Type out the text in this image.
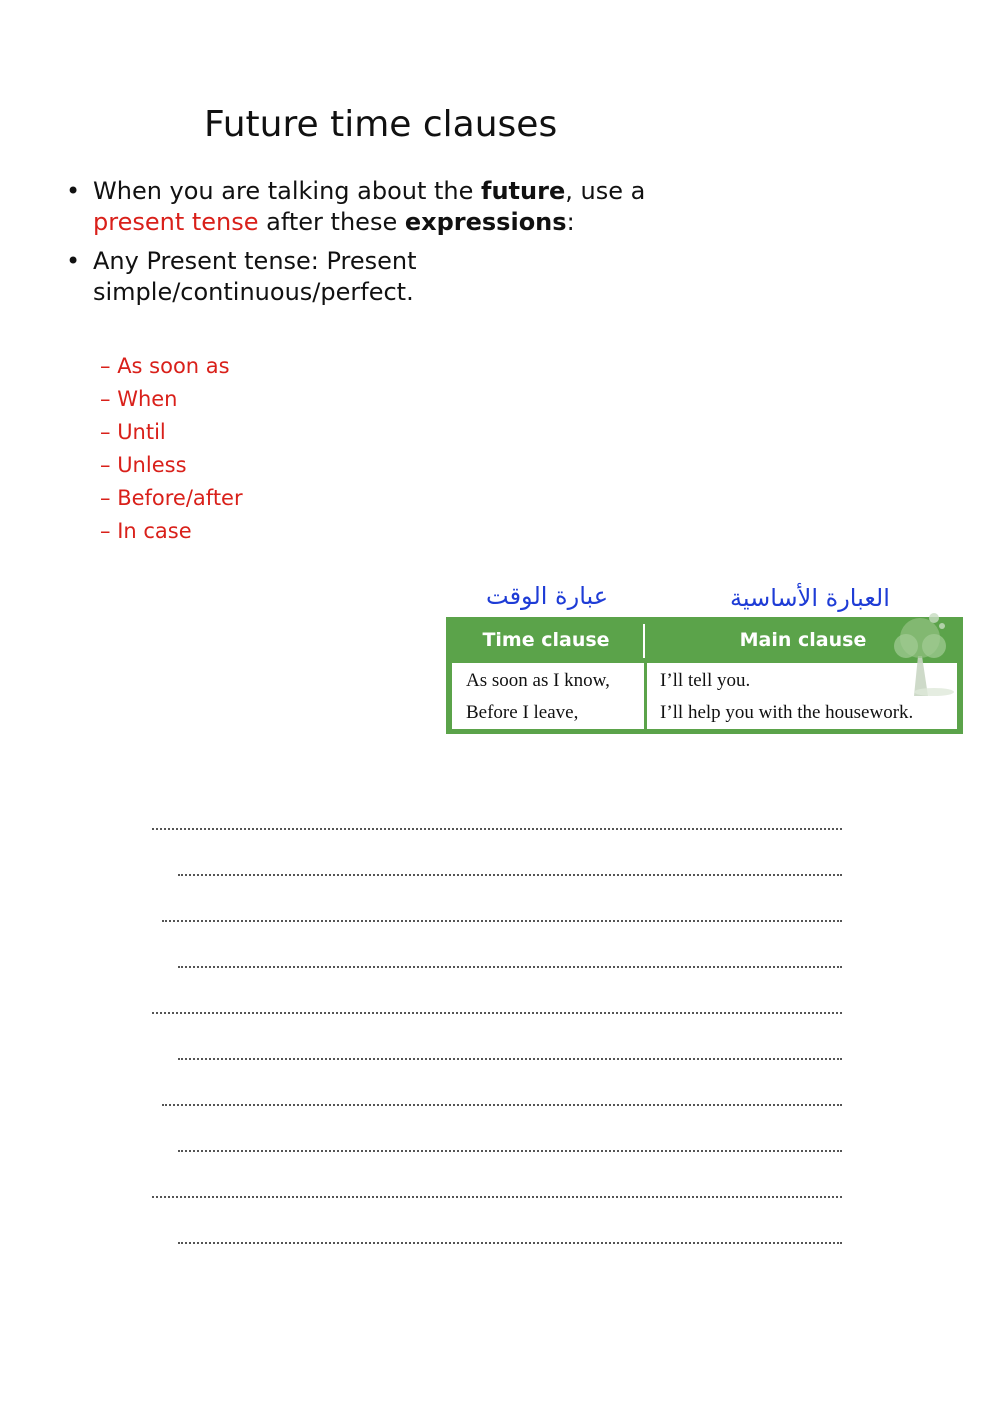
Future time clauses
• When you are talking about the future, use a
present tense after these expressions:
• Any Present tense: Present
simple/continuous/perfect.
– As soon as
– When
– Until
– Unless
– Before/after
– In case
عبارة الوقت	العبارة الأساسية
Time clause	Main clause
As soon as I know,	I’ll tell you.
Before I leave,	I’ll help you with the housework.
